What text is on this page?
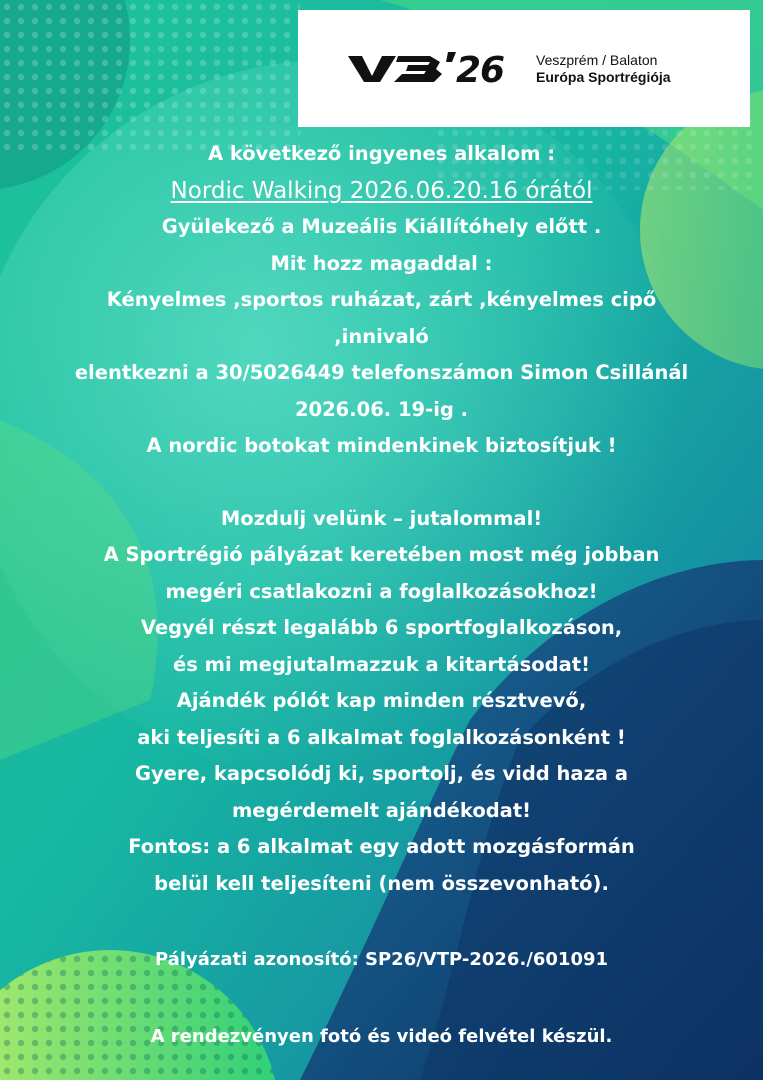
26 Veszprém / Balaton
Európa Sportrégiója
A következő ingyenes alkalom :
Nordic Walking 2026.06.20.16 órától
Gyülekező a Muzeális Kiállítóhely előtt .
Mit hozz magaddal :
Kényelmes ,sportos ruházat, zárt ,kényelmes cipő
,innivaló
elentkezni a 30/5026449 telefonszámon Simon Csillánál
2026.06. 19-ig .
A nordic botokat mindenkinek biztosítjuk !
Mozdulj velünk – jutalommal!
A Sportrégió pályázat keretében most még jobban
megéri csatlakozni a foglalkozásokhoz!
Vegyél részt legalább 6 sportfoglalkozáson,
és mi megjutalmazzuk a kitartásodat!
Ajándék pólót kap minden résztvevő,
aki teljesíti a 6 alkalmat foglalkozásonként !
Gyere, kapcsolódj ki, sportolj, és vidd haza a
megérdemelt ajándékodat!
Fontos: a 6 alkalmat egy adott mozgásformán
belül kell teljesíteni (nem összevonható).
Pályázati azonosító: SP26/VTP-2026./601091
A rendezvényen fotó és videó felvétel készül.
